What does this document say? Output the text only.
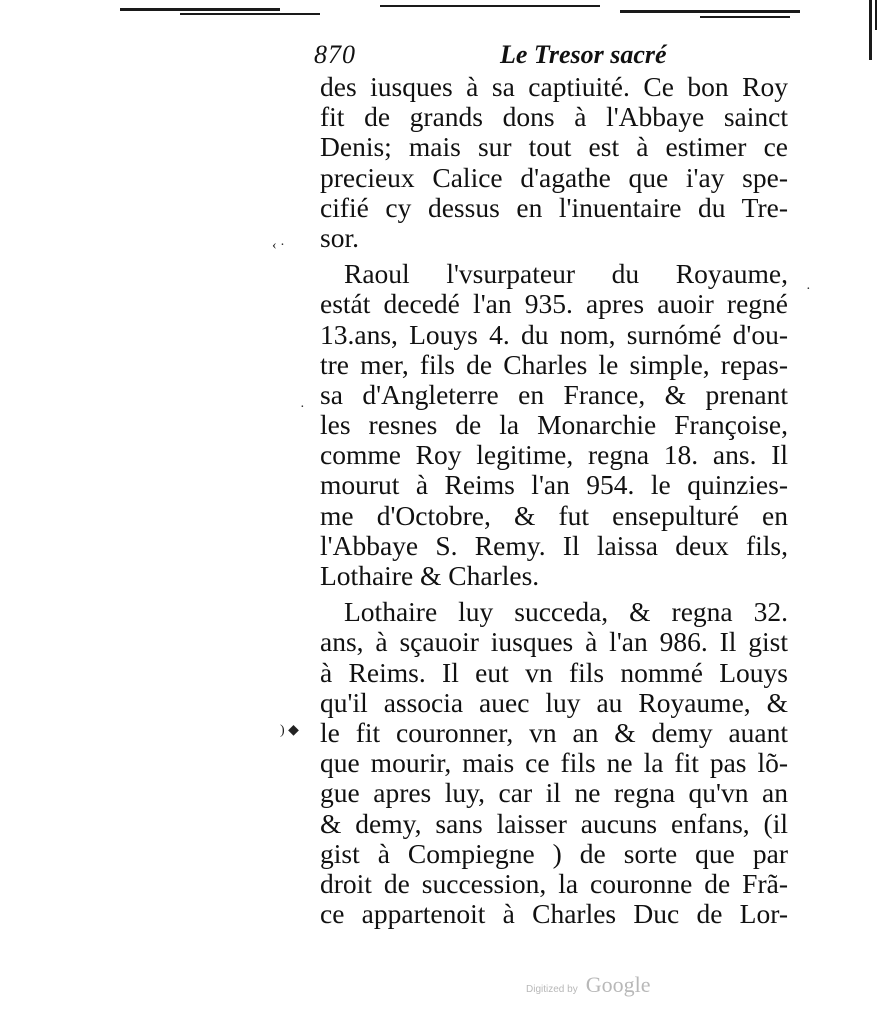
870	Le Tresor sacré
des iusques à sa captiuité. Ce bon Roy
fit de grands dons à l'Abbaye sainct
Denis; mais sur tout est à estimer ce
precieux Calice d'agathe que i'ay spe-
cifié cy dessus en l'inuentaire du Tre-
sor.
Raoul l'vsurpateur du Royaume,
estát decedé l'an 935. apres auoir regné
13.ans, Louys 4. du nom, surnómé d'ou-
tre mer, fils de Charles le simple, repas-
sa d'Angleterre en France, & prenant
les resnes de la Monarchie Françoise,
comme Roy legitime, regna 18. ans. Il
mourut à Reims l'an 954. le quinzies-
me d'Octobre, & fut ensepulturé en
l'Abbaye S. Remy. Il laissa deux fils,
Lothaire & Charles.
Lothaire luy succeda, & regna 32.
ans, à sçauoir iusques à l'an 986. Il gist
à Reims. Il eut vn fils nommé Louys
qu'il associa auec luy au Royaume, &
le fit couronner, vn an & demy auant
que mourir, mais ce fils ne la fit pas lõ-
gue apres luy, car il ne regna qu'vn an
& demy, sans laisser aucuns enfans, (il
gist à Compiegne ) de sorte que par
droit de succession, la couronne de Frã-
ce appartenoit à Charles Duc de Lor-
‹ ·
·
·
) ◆
Digitized by Google
